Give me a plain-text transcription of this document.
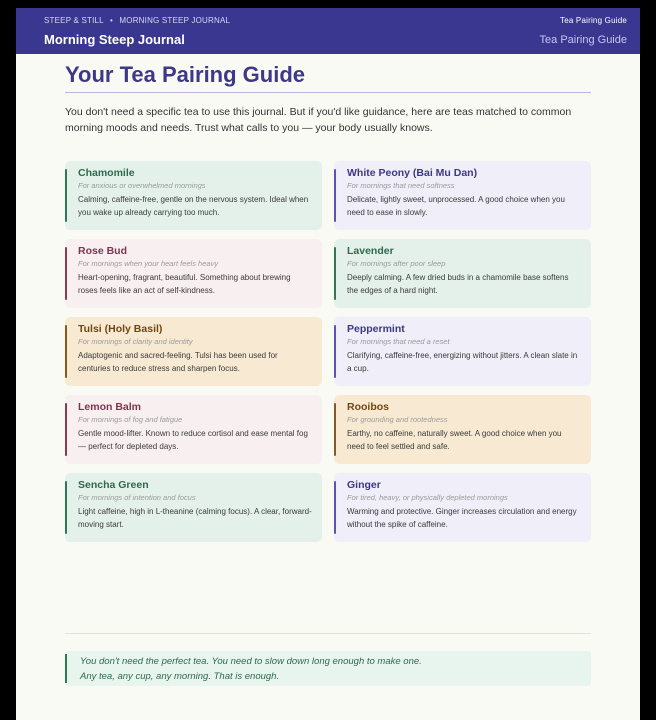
STEEP & STILL • MORNING STEEP JOURNAL	Tea Pairing Guide
Morning Steep Journal	Tea Pairing Guide
Your Tea Pairing Guide

You don't need a specific tea to use this journal. But if you'd like guidance, here are teas matched to common morning moods and needs. Trust what calls to you — your body usually knows.

Chamomile
For anxious or overwhelmed mornings
Calming, caffeine-free, gentle on the nervous system. Ideal when you wake up already carrying too much.
White Peony (Bai Mu Dan)
For mornings that need softness
Delicate, lightly sweet, unprocessed. A good choice when you need to ease in slowly.
Rose Bud
For mornings when your heart feels heavy
Heart-opening, fragrant, beautiful. Something about brewing roses feels like an act of self-kindness.
Lavender
For mornings after poor sleep
Deeply calming. A few dried buds in a chamomile base softens the edges of a hard night.
Tulsi (Holy Basil)
For mornings of clarity and identity
Adaptogenic and sacred-feeling. Tulsi has been used for centuries to reduce stress and sharpen focus.
Peppermint
For mornings that need a reset
Clarifying, caffeine-free, energizing without jitters. A clean slate in a cup.
Lemon Balm
For mornings of fog and fatigue
Gentle mood-lifter. Known to reduce cortisol and ease mental fog — perfect for depleted days.
Rooibos
For grounding and rootedness
Earthy, no caffeine, naturally sweet. A good choice when you need to feel settled and safe.
Sencha Green
For mornings of intention and focus
Light caffeine, high in L-theanine (calming focus). A clear, forward-moving start.
Ginger
For tired, heavy, or physically depleted mornings
Warming and protective. Ginger increases circulation and energy without the spike of caffeine.

You don't need the perfect tea. You need to slow down long enough to make one.

Any tea, any cup, any morning. That is enough.
